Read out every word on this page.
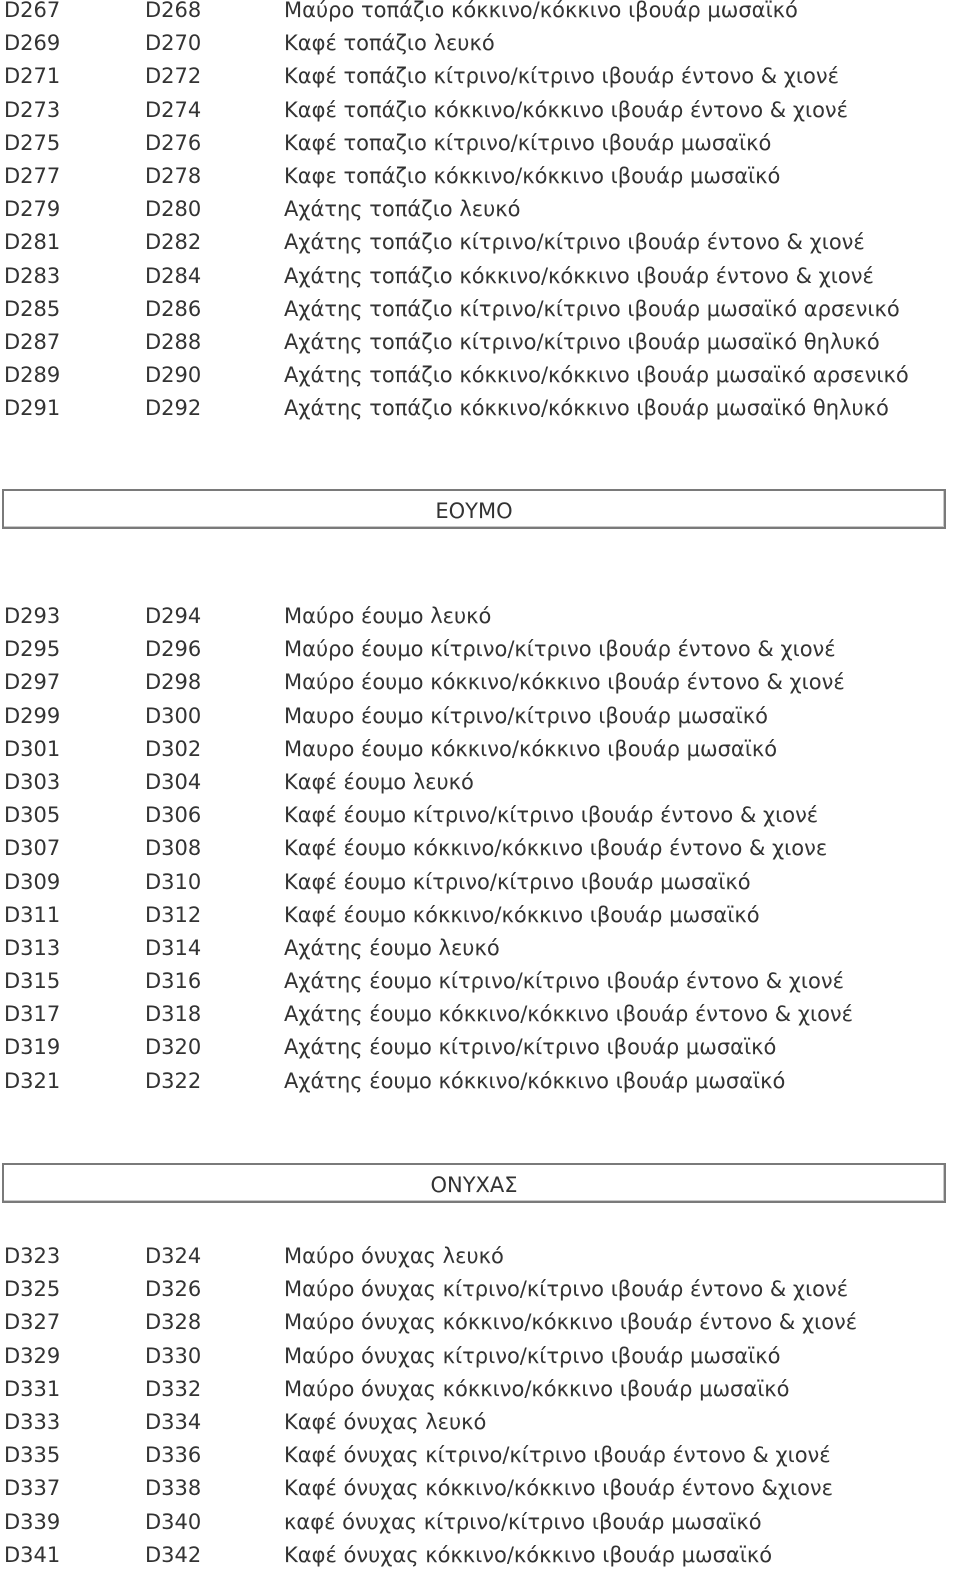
D267	D268	Μαύρο τοπάζιο κόκκινο/κόκκινο ιβουάρ μωσαϊκό
D269	D270	Καφέ τοπάζιο λευκό
D271	D272	Καφέ τοπάζιο κίτρινο/κίτρινο ιβουάρ έντονο & χιονέ
D273	D274	Καφέ τοπάζιο κόκκινο/κόκκινο ιβουάρ έντονο & χιονέ
D275	D276	Καφέ τοπαζιο κίτρινο/κίτρινο ιβουάρ μωσαϊκό
D277	D278	Καφε τοπάζιο κόκκινο/κόκκινο ιβουάρ μωσαϊκό
D279	D280	Αχάτης τοπάζιο λευκό
D281	D282	Αχάτης τοπάζιο κίτρινο/κίτρινο ιβουάρ έντονο & χιονέ
D283	D284	Αχάτης τοπάζιο κόκκινο/κόκκινο ιβουάρ έντονο & χιονέ
D285	D286	Αχάτης τοπάζιο κίτρινο/κίτρινο ιβουάρ μωσαϊκό αρσενικό
D287	D288	Αχάτης τοπάζιο κίτρινο/κίτρινο ιβουάρ μωσαϊκό θηλυκό
D289	D290	Αχάτης τοπάζιο κόκκινο/κόκκινο ιβουάρ μωσαϊκό αρσενικό
D291	D292	Αχάτης τοπάζιο κόκκινο/κόκκινο ιβουάρ μωσαϊκό θηλυκό
ΕΟΥΜΟ
D293	D294	Μαύρο έουμο λευκό
D295	D296	Μαύρο έουμο κίτρινο/κίτρινο ιβουάρ έντονο & χιονέ
D297	D298	Μαύρο έουμο κόκκινο/κόκκινο ιβουάρ έντονο & χιονέ
D299	D300	Μαυρο έουμο κίτρινο/κίτρινο ιβουάρ μωσαϊκό
D301	D302	Μαυρο έουμο κόκκινο/κόκκινο ιβουάρ μωσαϊκό
D303	D304	Καφέ έουμο λευκό
D305	D306	Καφέ έουμο κίτρινο/κίτρινο ιβουάρ έντονο & χιονέ
D307	D308	Καφέ έουμο κόκκινο/κόκκινο ιβουάρ έντονο & χιονε
D309	D310	Καφέ έουμο κίτρινο/κίτρινο ιβουάρ μωσαϊκό
D311	D312	Καφέ έουμο κόκκινο/κόκκινο ιβουάρ μωσαϊκό
D313	D314	Αχάτης έουμο λευκό
D315	D316	Αχάτης έουμο κίτρινο/κίτρινο ιβουάρ έντονο & χιονέ
D317	D318	Αχάτης έουμο κόκκινο/κόκκινο ιβουάρ έντονο & χιονέ
D319	D320	Αχάτης έουμο κίτρινο/κίτρινο ιβουάρ μωσαϊκό
D321	D322	Αχάτης έουμο κόκκινο/κόκκινο ιβουάρ μωσαϊκό
ΟΝΥΧΑΣ
D323	D324	Μαύρο όνυχας λευκό
D325	D326	Μαύρο όνυχας κίτρινο/κίτρινο ιβουάρ έντονο & χιονέ
D327	D328	Μαύρο όνυχας κόκκινο/κόκκινο ιβουάρ έντονο & χιονέ
D329	D330	Μαύρο όνυχας κίτρινο/κίτρινο ιβουάρ μωσαϊκό
D331	D332	Μαύρο όνυχας κόκκινο/κόκκινο ιβουάρ μωσαϊκό
D333	D334	Καφέ όνυχας λευκό
D335	D336	Καφέ όνυχας κίτρινο/κίτρινο ιβουάρ έντονο & χιονέ
D337	D338	Καφέ όνυχας κόκκινο/κόκκινο ιβουάρ έντονο &χιονε
D339	D340	καφέ όνυχας κίτρινο/κίτρινο ιβουάρ μωσαϊκό
D341	D342	Καφέ όνυχας κόκκινο/κόκκινο ιβουάρ μωσαϊκό
